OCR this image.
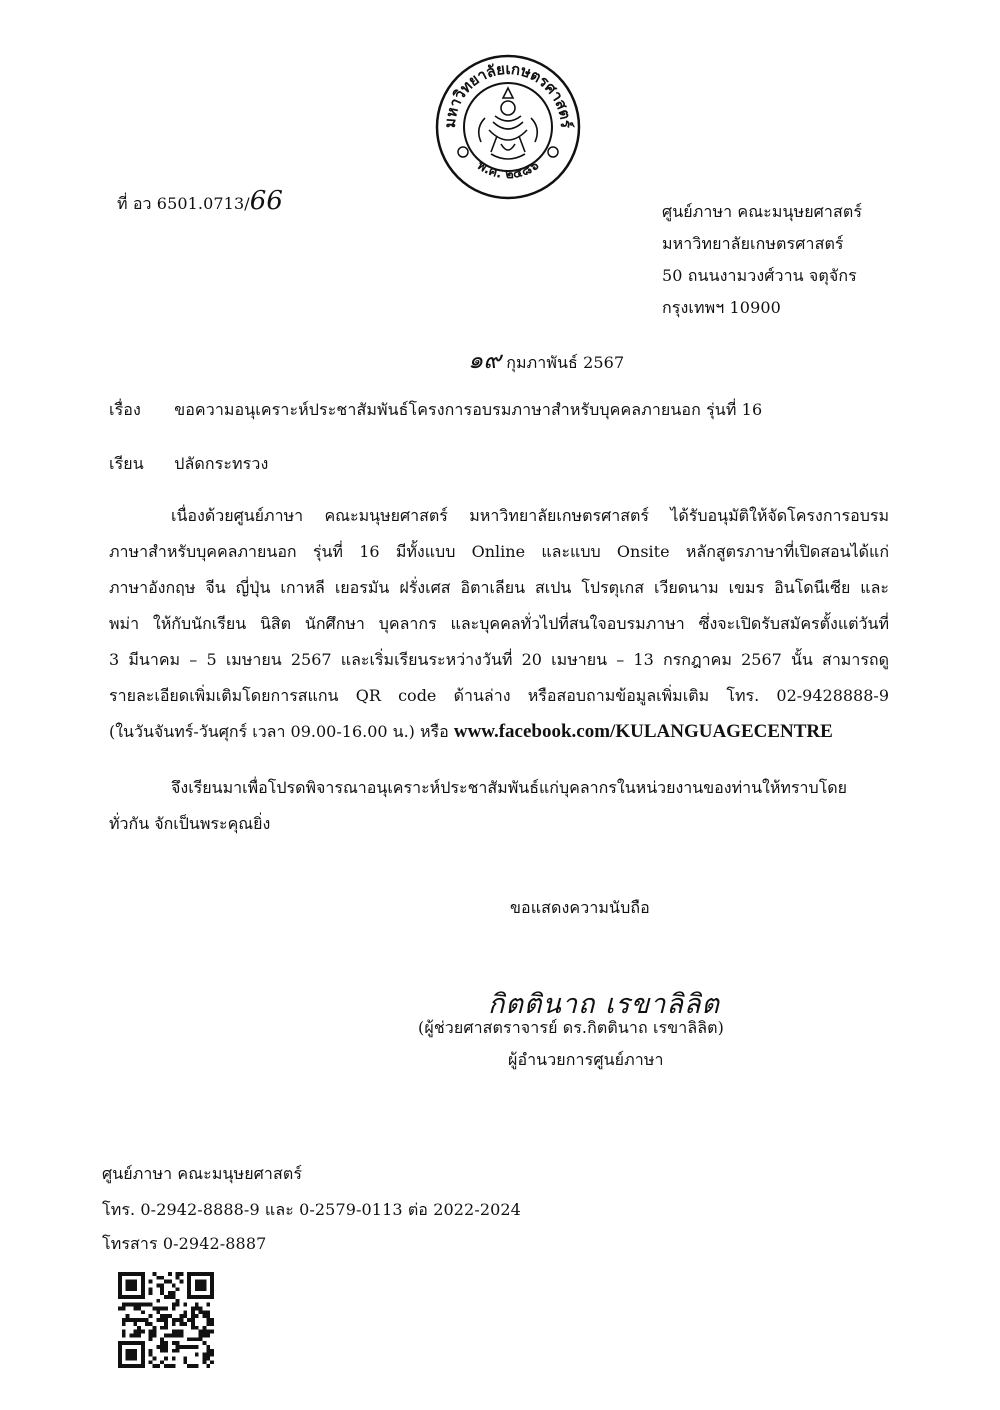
มหาวิทยาลัยเกษตรศาสตร์
พ.ศ. ๒๔๘๖
ที่ อว 6501.0713/66	ศูนย์ภาษา คณะมนุษยศาสตร์
มหาวิทยาลัยเกษตรศาสตร์
50 ถนนงามวงศ์วาน จตุจักร
กรุงเทพฯ 10900
๑๙ กุมภาพันธ์ 2567
เรื่อง ขอความอนุเคราะห์ประชาสัมพันธ์โครงการอบรมภาษาสำหรับบุคคลภายนอก รุ่นที่ 16
เรียน ปลัดกระทรวง
เนื่องด้วยศูนย์ภาษา คณะมนุษยศาสตร์ มหาวิทยาลัยเกษตรศาสตร์ ได้รับอนุมัติให้จัดโครงการอบรม
ภาษาสำหรับบุคคลภายนอก รุ่นที่ 16 มีทั้งแบบ Online และแบบ Onsite หลักสูตรภาษาที่เปิดสอนได้แก่
ภาษาอังกฤษ จีน ญี่ปุ่น เกาหลี เยอรมัน ฝรั่งเศส อิตาเลียน สเปน โปรตุเกส เวียดนาม เขมร อินโดนีเซีย และ
พม่า ให้กับนักเรียน นิสิต นักศึกษา บุคลากร และบุคคลทั่วไปที่สนใจอบรมภาษา ซึ่งจะเปิดรับสมัครตั้งแต่วันที่
3 มีนาคม – 5 เมษายน 2567 และเริ่มเรียนระหว่างวันที่ 20 เมษายน – 13 กรกฎาคม 2567 นั้น สามารถดู
รายละเอียดเพิ่มเติมโดยการสแกน QR code ด้านล่าง หรือสอบถามข้อมูลเพิ่มเติม โทร. 02-9428888-9
(ในวันจันทร์-วันศุกร์ เวลา 09.00-16.00 น.) หรือ www.facebook.com/KULANGUAGECENTRE
จึงเรียนมาเพื่อโปรดพิจารณาอนุเคราะห์ประชาสัมพันธ์แก่บุคลากรในหน่วยงานของท่านให้ทราบโดย
ทั่วกัน จักเป็นพระคุณยิ่ง
ขอแสดงความนับถือ
กิตตินาถ เรขาลิลิต
(ผู้ช่วยศาสตราจารย์ ดร.กิตตินาถ เรขาลิลิต)
ผู้อำนวยการศูนย์ภาษา
ศูนย์ภาษา คณะมนุษยศาสตร์
โทร. 0-2942-8888-9 และ 0-2579-0113 ต่อ 2022-2024
โทรสาร 0-2942-8887
